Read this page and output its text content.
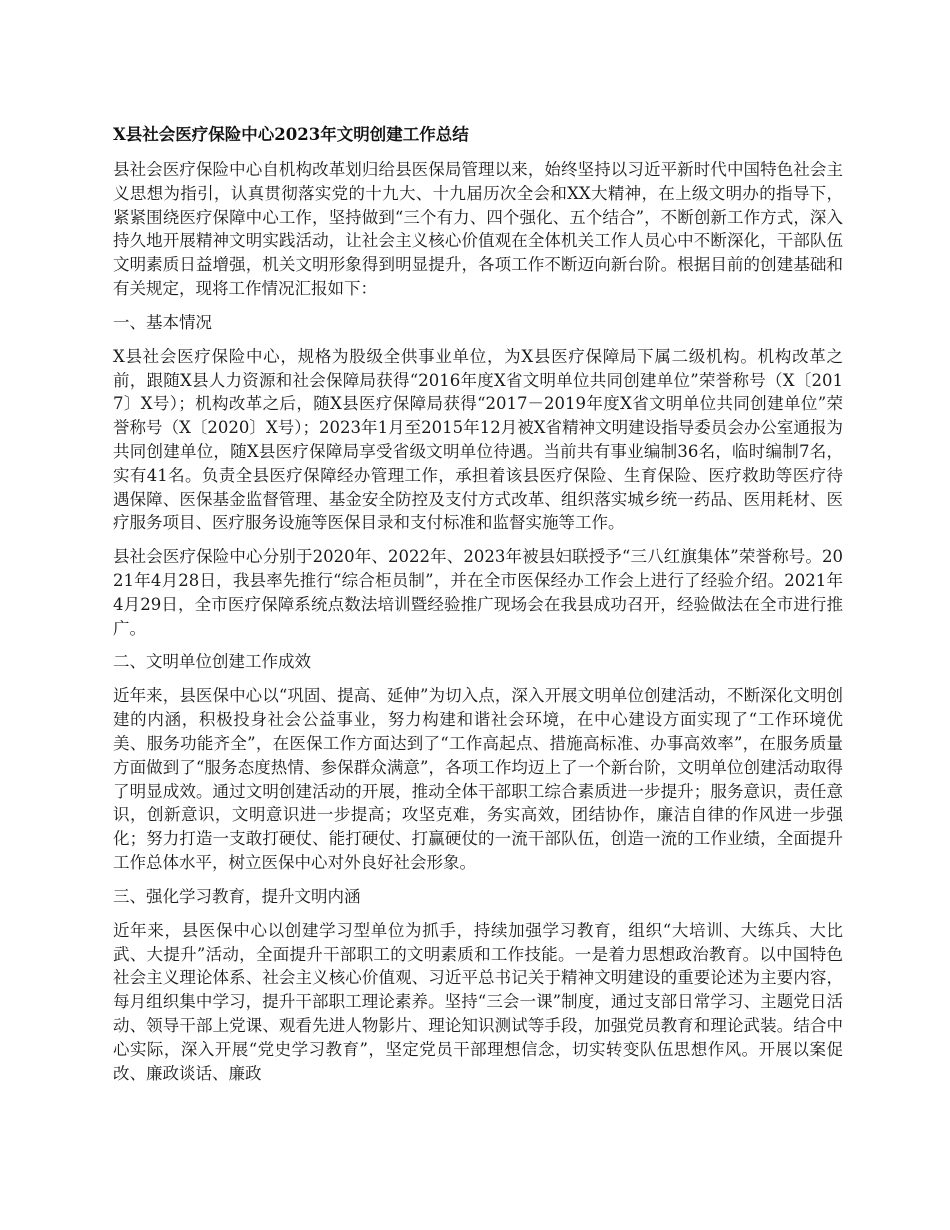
X县社会医疗保险中心2023年文明创建工作总结

县社会医疗保险中心自机构改革划归给县医保局管理以来，始终坚持以习近平新时代中国特色社会主义思想为指引，认真贯彻落实党的十九大、十九届历次全会和XX大精神，在上级文明办的指导下，紧紧围绕医疗保障中心工作，坚持做到“三个有力、四个强化、五个结合”，不断创新工作方式，深入持久地开展精神文明实践活动，让社会主义核心价值观在全体机关工作人员心中不断深化，干部队伍文明素质日益增强，机关文明形象得到明显提升，各项工作不断迈向新台阶。根据目前的创建基础和有关规定，现将工作情况汇报如下：

一、基本情况

X县社会医疗保险中心，规格为股级全供事业单位，为X县医疗保障局下属二级机构。机构改革之前，跟随X县人力资源和社会保障局获得“2016年度X省文明单位共同创建单位”荣誉称号（X〔2017〕X号）；机构改革之后，随X县医疗保障局获得“2017－2019年度X省文明单位共同创建单位”荣誉称号（X〔2020〕X号）；2023年1月至2015年12月被X省精神文明建设指导委员会办公室通报为共同创建单位，随X县医疗保障局享受省级文明单位待遇。当前共有事业编制36名，临时编制7名，实有41名。负责全县医疗保障经办管理工作，承担着该县医疗保险、生育保险、医疗救助等医疗待遇保障、医保基金监督管理、基金安全防控及支付方式改革、组织落实城乡统一药品、医用耗材、医疗服务项目、医疗服务设施等医保目录和支付标准和监督实施等工作。

县社会医疗保险中心分别于2020年、2022年、2023年被县妇联授予“三八红旗集体”荣誉称号。2021年4月28日，我县率先推行“综合柜员制”，并在全市医保经办工作会上进行了经验介绍。2021年4月29日，全市医疗保障系统点数法培训暨经验推广现场会在我县成功召开，经验做法在全市进行推广。

二、文明单位创建工作成效

近年来，县医保中心以“巩固、提高、延伸”为切入点，深入开展文明单位创建活动，不断深化文明创建的内涵，积极投身社会公益事业，努力构建和谐社会环境，在中心建设方面实现了“工作环境优美、服务功能齐全”，在医保工作方面达到了“工作高起点、措施高标准、办事高效率”，在服务质量方面做到了“服务态度热情、参保群众满意”，各项工作均迈上了一个新台阶，文明单位创建活动取得了明显成效。通过文明创建活动的开展，推动全体干部职工综合素质进一步提升；服务意识，责任意识，创新意识，文明意识进一步提高；攻坚克难，务实高效，团结协作，廉洁自律的作风进一步强化；努力打造一支敢打硬仗、能打硬仗、打赢硬仗的一流干部队伍，创造一流的工作业绩，全面提升工作总体水平，树立医保中心对外良好社会形象。

三、强化学习教育，提升文明内涵

近年来，县医保中心以创建学习型单位为抓手，持续加强学习教育，组织“大培训、大练兵、大比武、大提升”活动，全面提升干部职工的文明素质和工作技能。一是着力思想政治教育。以中国特色社会主义理论体系、社会主义核心价值观、习近平总书记关于精神文明建设的重要论述为主要内容，每月组织集中学习，提升干部职工理论素养。坚持“三会一课”制度，通过支部日常学习、主题党日活动、领导干部上党课、观看先进人物影片、理论知识测试等手段，加强党员教育和理论武装。结合中心实际，深入开展“党史学习教育”，坚定党员干部理想信念，切实转变队伍思想作风。开展以案促改、廉政谈话、廉政
